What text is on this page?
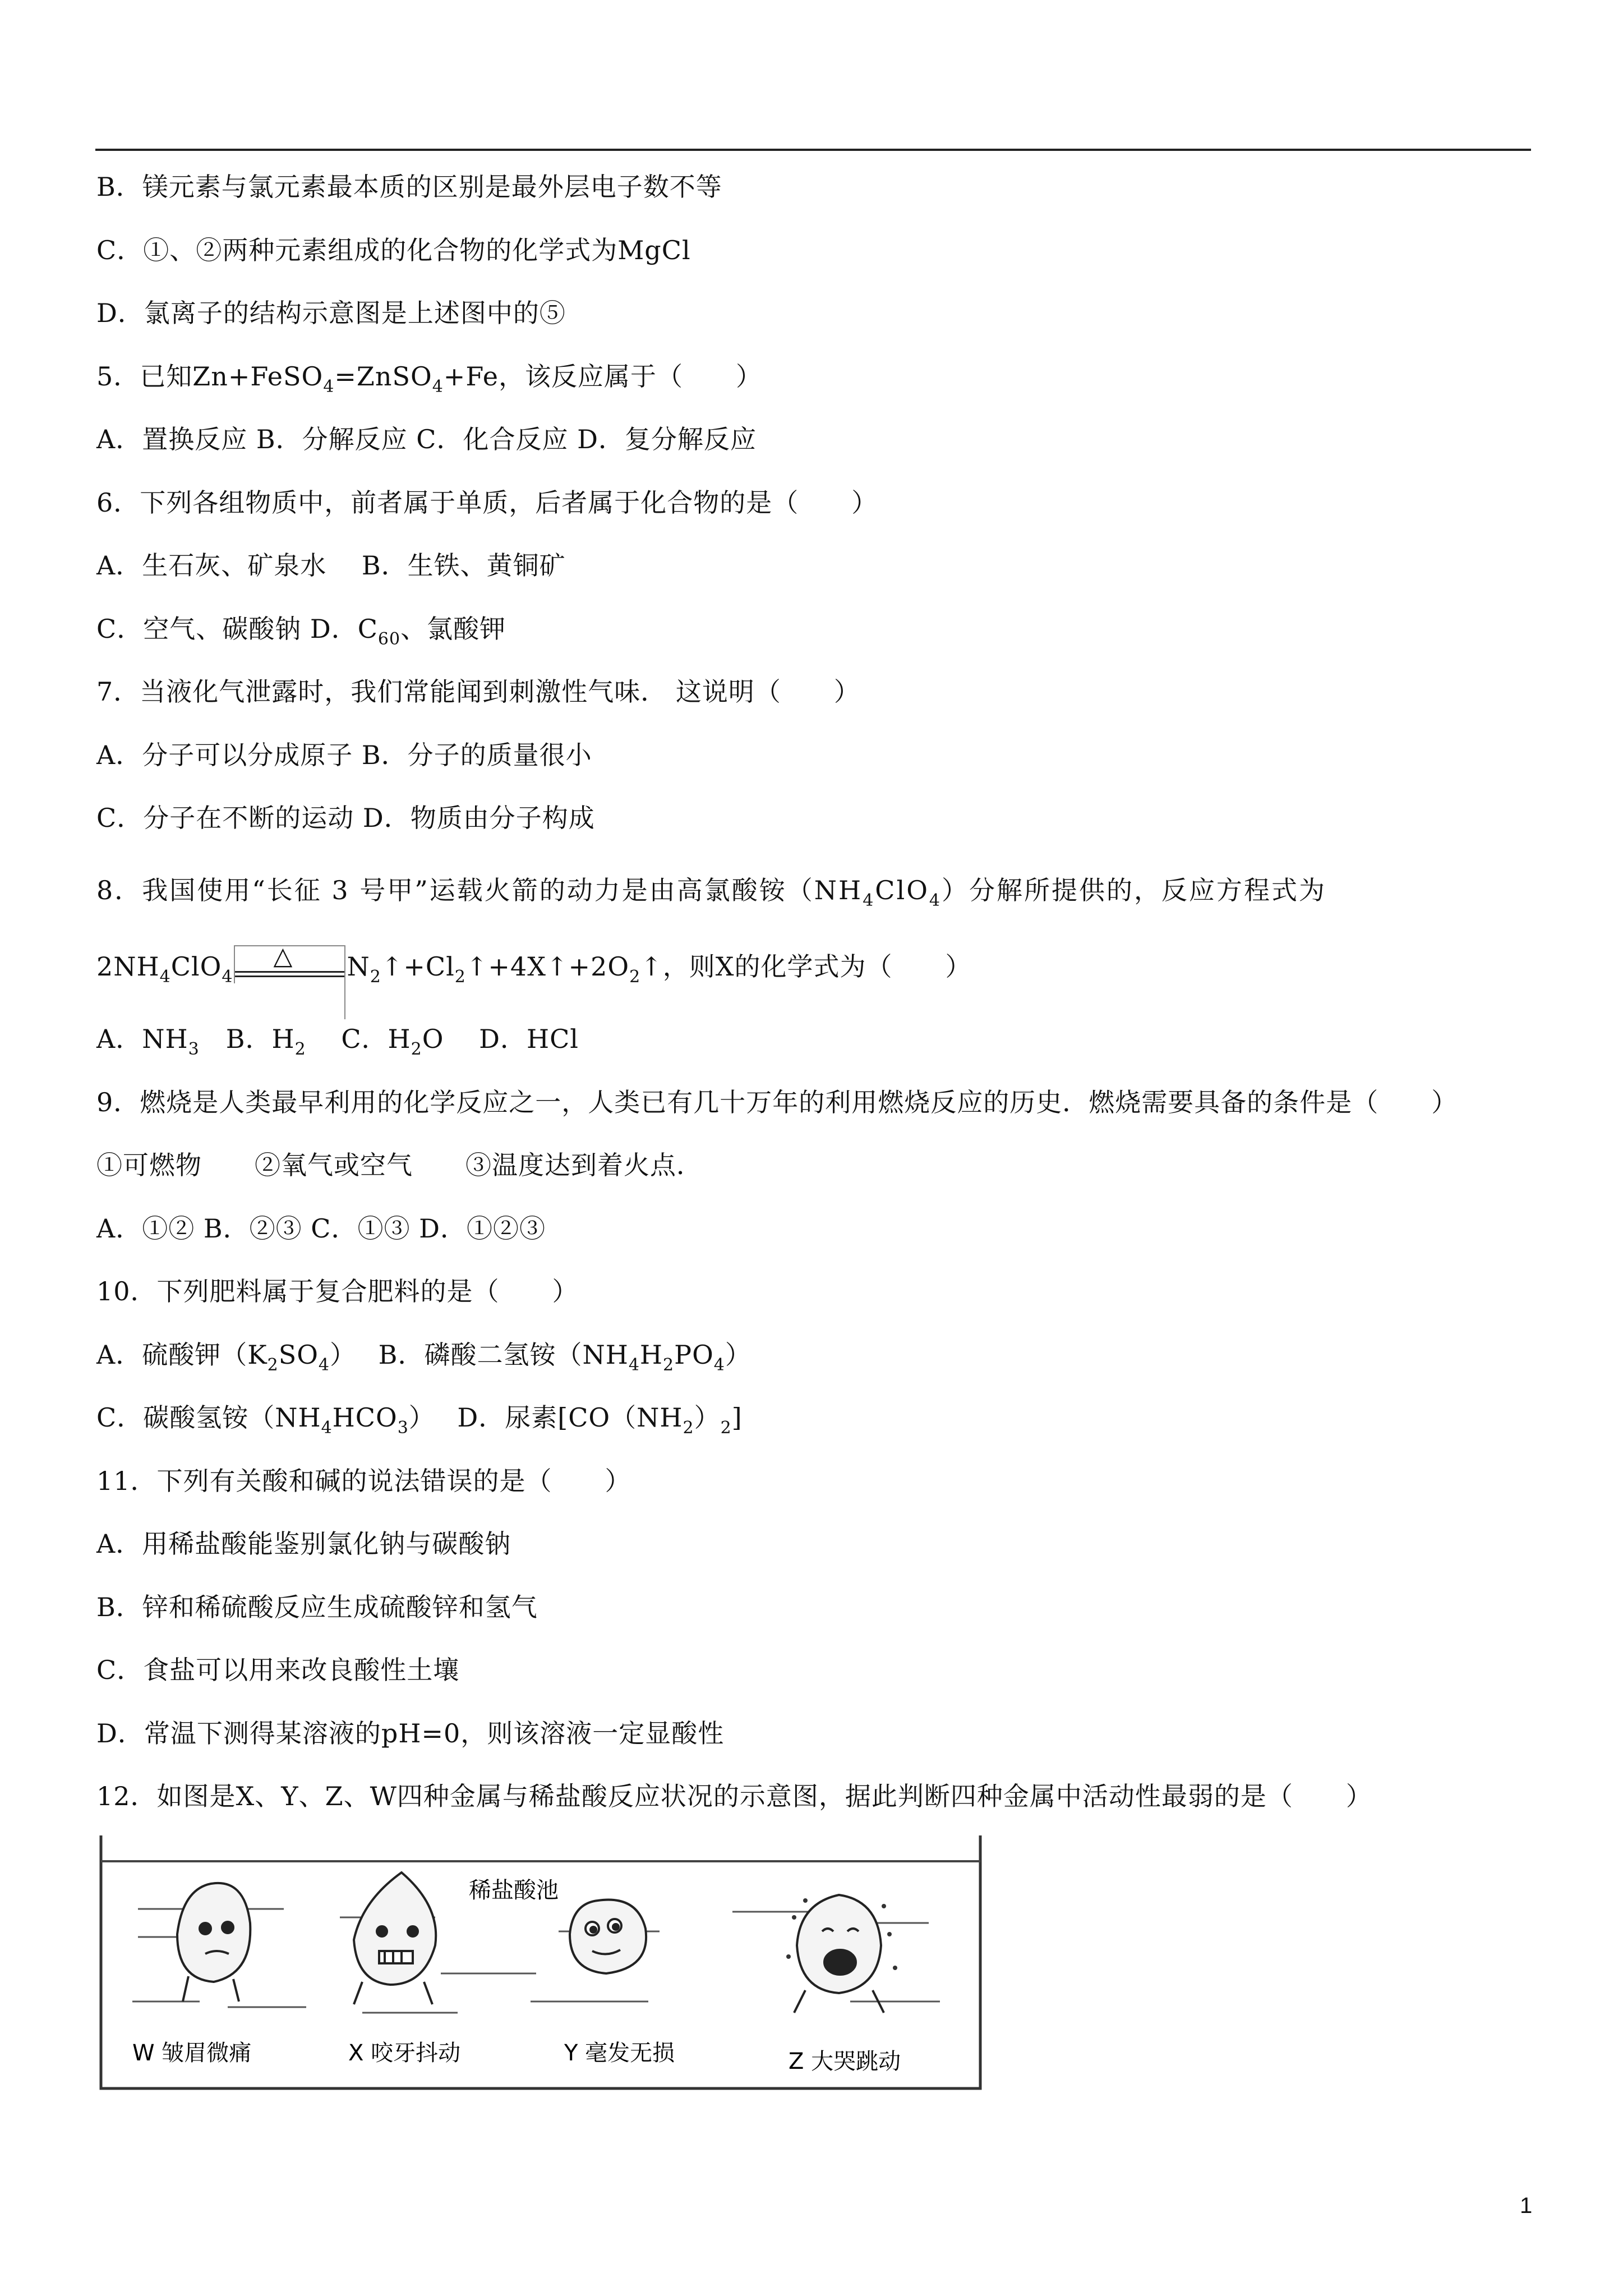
B．镁元素与氯元素最本质的区别是最外层电子数不等
C．①、②两种元素组成的化合物的化学式为MgCl
D．氯离子的结构示意图是上述图中的⑤
5．已知Zn+FeSO$_4$=ZnSO$_4$+Fe，该反应属于（　　）
A．置换反应 B．分解反应 C．化合反应 D．复分解反应
6．下列各组物质中，前者属于单质，后者属于化合物的是（　　）
A．生石灰、矿泉水　 B．生铁、黄铜矿
C．空气、碳酸钠 D．$C_{60}$、氯酸钾
7．当液化气泄露时，我们常能闻到刺激性气味． 这说明（　　）
A．分子可以分成原子 B．分子的质量很小
C．分子在不断的运动 D．物质由分子构成
8．我国使用“长征 3 号甲”运载火箭的动力是由高氯酸铵$(NH_4ClO_4)$分解所提供的，反应方程式为
$2NH_4ClO_4$
△ $N_2↑+Cl_2↑+4X↑+2O_2↑$，则X的化学式为（　　）
A．$NH_3$　B．$H_2$　 C．$H_2O$　 D．HCl
9．燃烧是人类最早利用的化学反应之一，人类已有几十万年的利用燃烧反应的历史．燃烧需要具备的条件是（　　）
①可燃物　　②氧气或空气　　③温度达到着火点．
A．①② B．②③ C．①③ D．①②③
10．下列肥料属于复合肥料的是（　　）
A．硫酸钾$(K_2SO_4)$　 B．磷酸二氢铵$(NH_4H_2PO_4)$
C．碳酸氢铵$(NH_4HCO_3)$　 D．尿素$[CO(NH_2)_2]$
11．下列有关酸和碱的说法错误的是（　　）
A．用稀盐酸能鉴别氯化钠与碳酸钠
B．锌和稀硫酸反应生成硫酸锌和氢气
C．食盐可以用来改良酸性土壤
D．常温下测得某溶液的pH=0，则该溶液一定显酸性
12．如图是X、Y、Z、W四种金属与稀盐酸反应状况的示意图，据此判断四种金属中活动性最弱的是（　　）
稀盐酸池
W 皱眉微痛	X 咬牙抖动	Y 毫发无损	Z 大哭跳动
1
